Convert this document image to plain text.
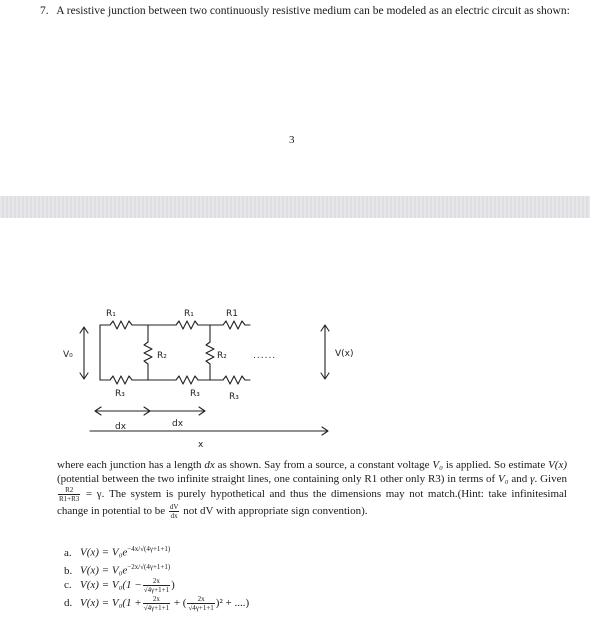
7. A resistive junction between two continuously resistive medium can be modeled as an electric circuit as shown:
3
R₁	R₁	R1
R₂	R₂
R₃	R₃	R₃
V₀	V(x)
dx	dx
x
......
where each junction has a length dx as shown. Say from a source, a constant voltage V₀ is applied. So estimate V(x)(potential between the two infinite straight lines, one containing only R1 other only R3) in terms of V₀ and γ. Given
$\frac{R2}{R1+R3} = \gamma$. The system is purely hypothetical and thus the dimensions may not match.(Hint: take infinitesimal change in potential to be $\frac{dV}{dx}$ not dV with appropriate sign convention).
a. $V(x) = V_0e^{-4x/√(4\gamma+1+1)}$
b. $V(x) = V_0e^{-2x/√(4\gamma+1+1)}$
c. $V(x) = V_0(1 - \frac{2x}{√4\gamma+1+1}$ )
d. $V(x) = V_0(1 + \frac{2x}{√4\gamma+1+1}$ + ( $\frac{2x}{√4\gamma+1+1} )^2$ + ....)
